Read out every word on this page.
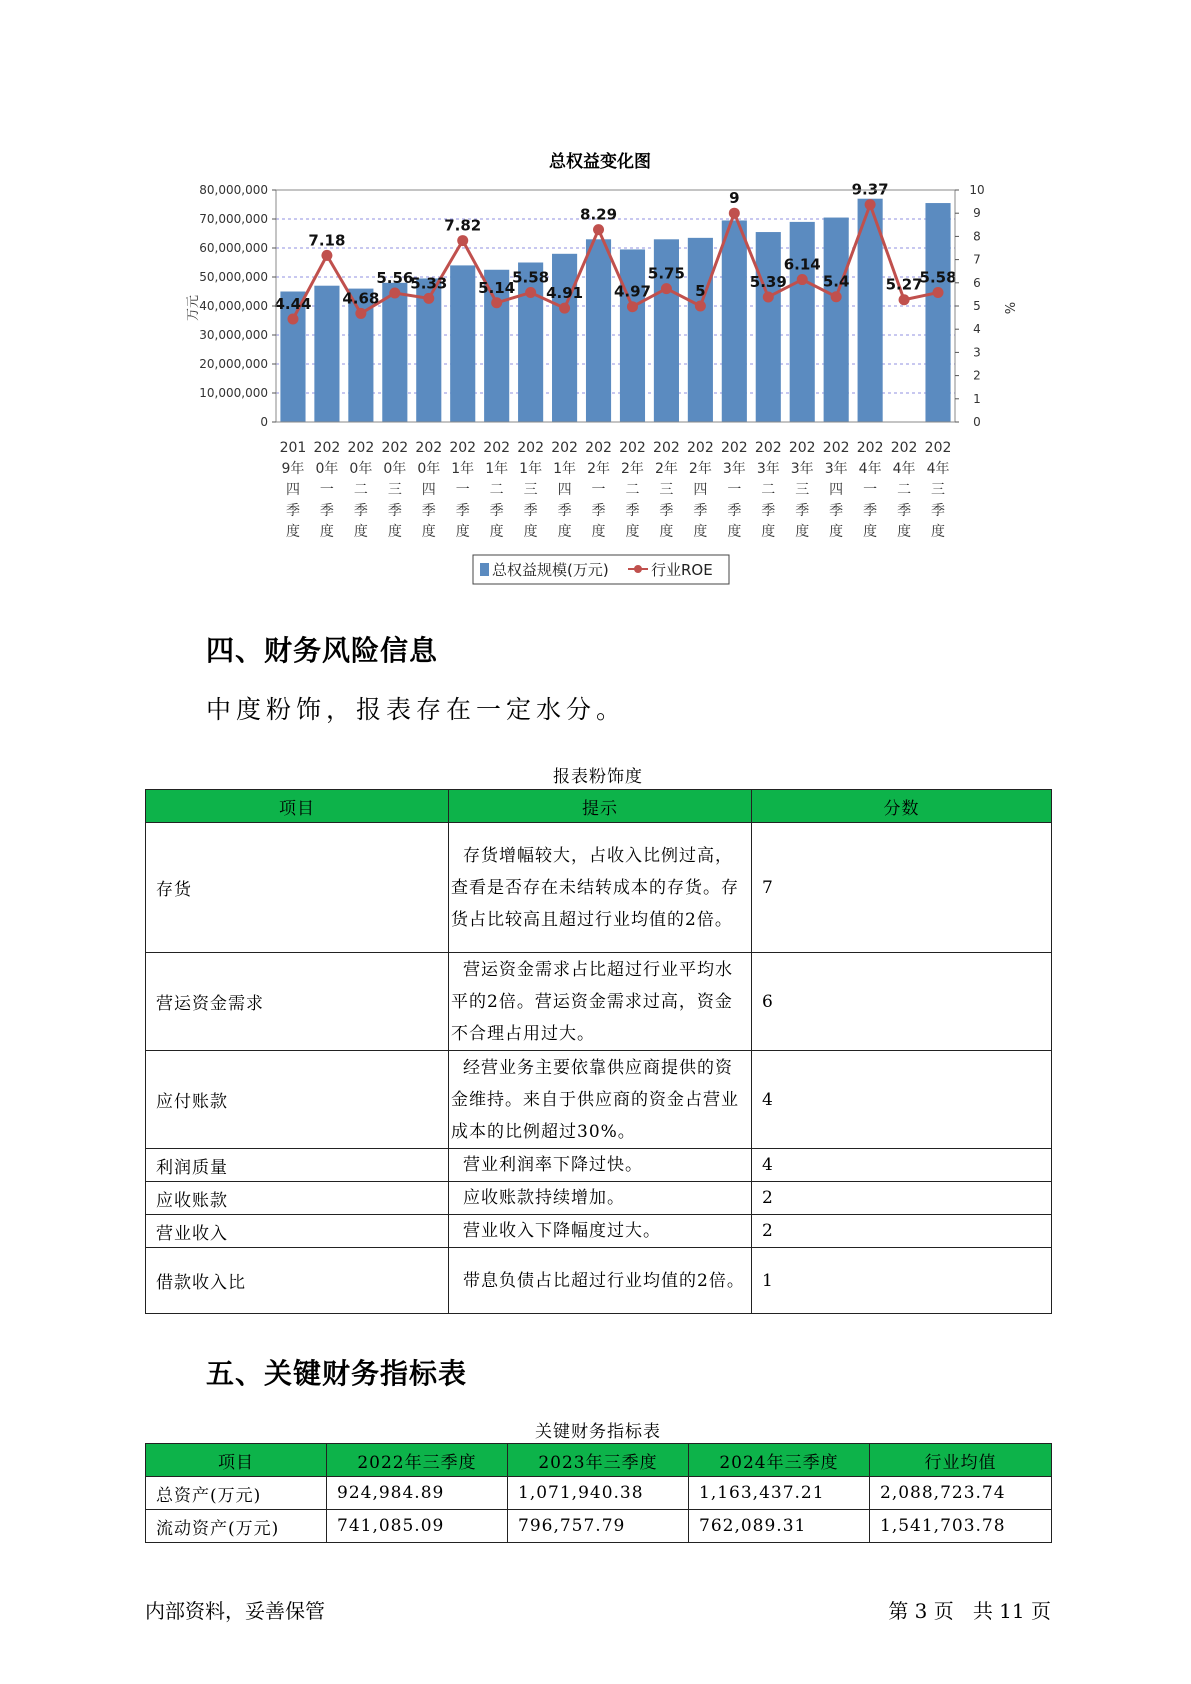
总权益变化图
4.44
7.18
4.68
5.56
5.33
7.82
5.14
5.58
4.91
8.29
4.97
5.75
5
9
5.39
6.14
5.4
9.37
5.27
5.58
0
10,000,000
20,000,000
30,000,000
40,000,000
50,000,000
60,000,000
70,000,000
80,000,000
0
1
2
3
4
5
6
7
8
9
10
201
9年
四
季
度
202
0年
一
季
度
202
0年
二
季
度
202
0年
三
季
度
202
0年
四
季
度
202
1年
一
季
度
202
1年
二
季
度
202
1年
三
季
度
202
1年
四
季
度
202
2年
一
季
度
202
2年
二
季
度
202
2年
三
季
度
202
2年
四
季
度
202
3年
一
季
度
202
3年
二
季
度
202
3年
三
季
度
202
3年
四
季
度
202
4年
一
季
度
202
4年
二
季
度
202
4年
三
季
度
万元	%
总权益规模(万元)	行业ROE
四、财务风险信息

中度粉饰，报表存在一定水分。

报表粉饰度
项目	提示	分数
存货	存货增幅较大，占收入比例过高，查看是否存在未结转成本的存货。存货占比较高且超过行业均值的2倍。	7
营运资金需求	营运资金需求占比超过行业平均水平的2倍。营运资金需求过高，资金不合理占用过大。	6
应付账款	经营业务主要依靠供应商提供的资金维持。来自于供应商的资金占营业成本的比例超过30%。	4
利润质量	营业利润率下降过快。	4
应收账款	应收账款持续增加。	2
营业收入	营业收入下降幅度过大。	2
借款收入比	带息负债占比超过行业均值的2倍。	1
五、关键财务指标表
关键财务指标表
项目	2022年三季度	2023年三季度	2024年三季度	行业均值
总资产(万元)	924,984.89	1,071,940.38	1,163,437.21	2,088,723.74
流动资产(万元)	741,085.09	796,757.79	762,089.31	1,541,703.78
内部资料，妥善保管	第 3 页   共 11 页
